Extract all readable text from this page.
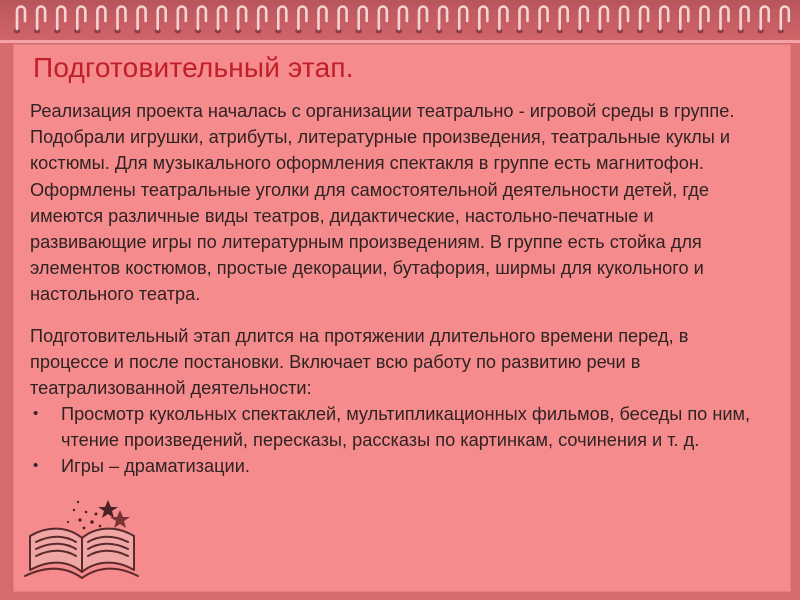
Подготовительный этап.

Реализация проекта началась с организации театрально - игровой среды в группе. Подобрали игрушки, атрибуты, литературные произведения, театральные куклы и костюмы. Для музыкального оформления спектакля в группе есть магнитофон. Оформлены театральные уголки для самостоятельной деятельности детей, где имеются различные виды театров, дидактические, настольно-печатные и развивающие игры по литературным произведениям. В группе есть стойка для элементов костюмов, простые декорации, бутафория, ширмы для кукольного и настольного театра.

Подготовительный этап длится на протяжении длительного времени перед, в процессе и после постановки. Включает всю работу по развитию речи в театрализованной деятельности:

• Просмотр кукольных спектаклей, мультипликационных фильмов, беседы по ним, чтение произведений, пересказы, рассказы по картинкам, сочинения и т. д.
• Игры – драматизации.
